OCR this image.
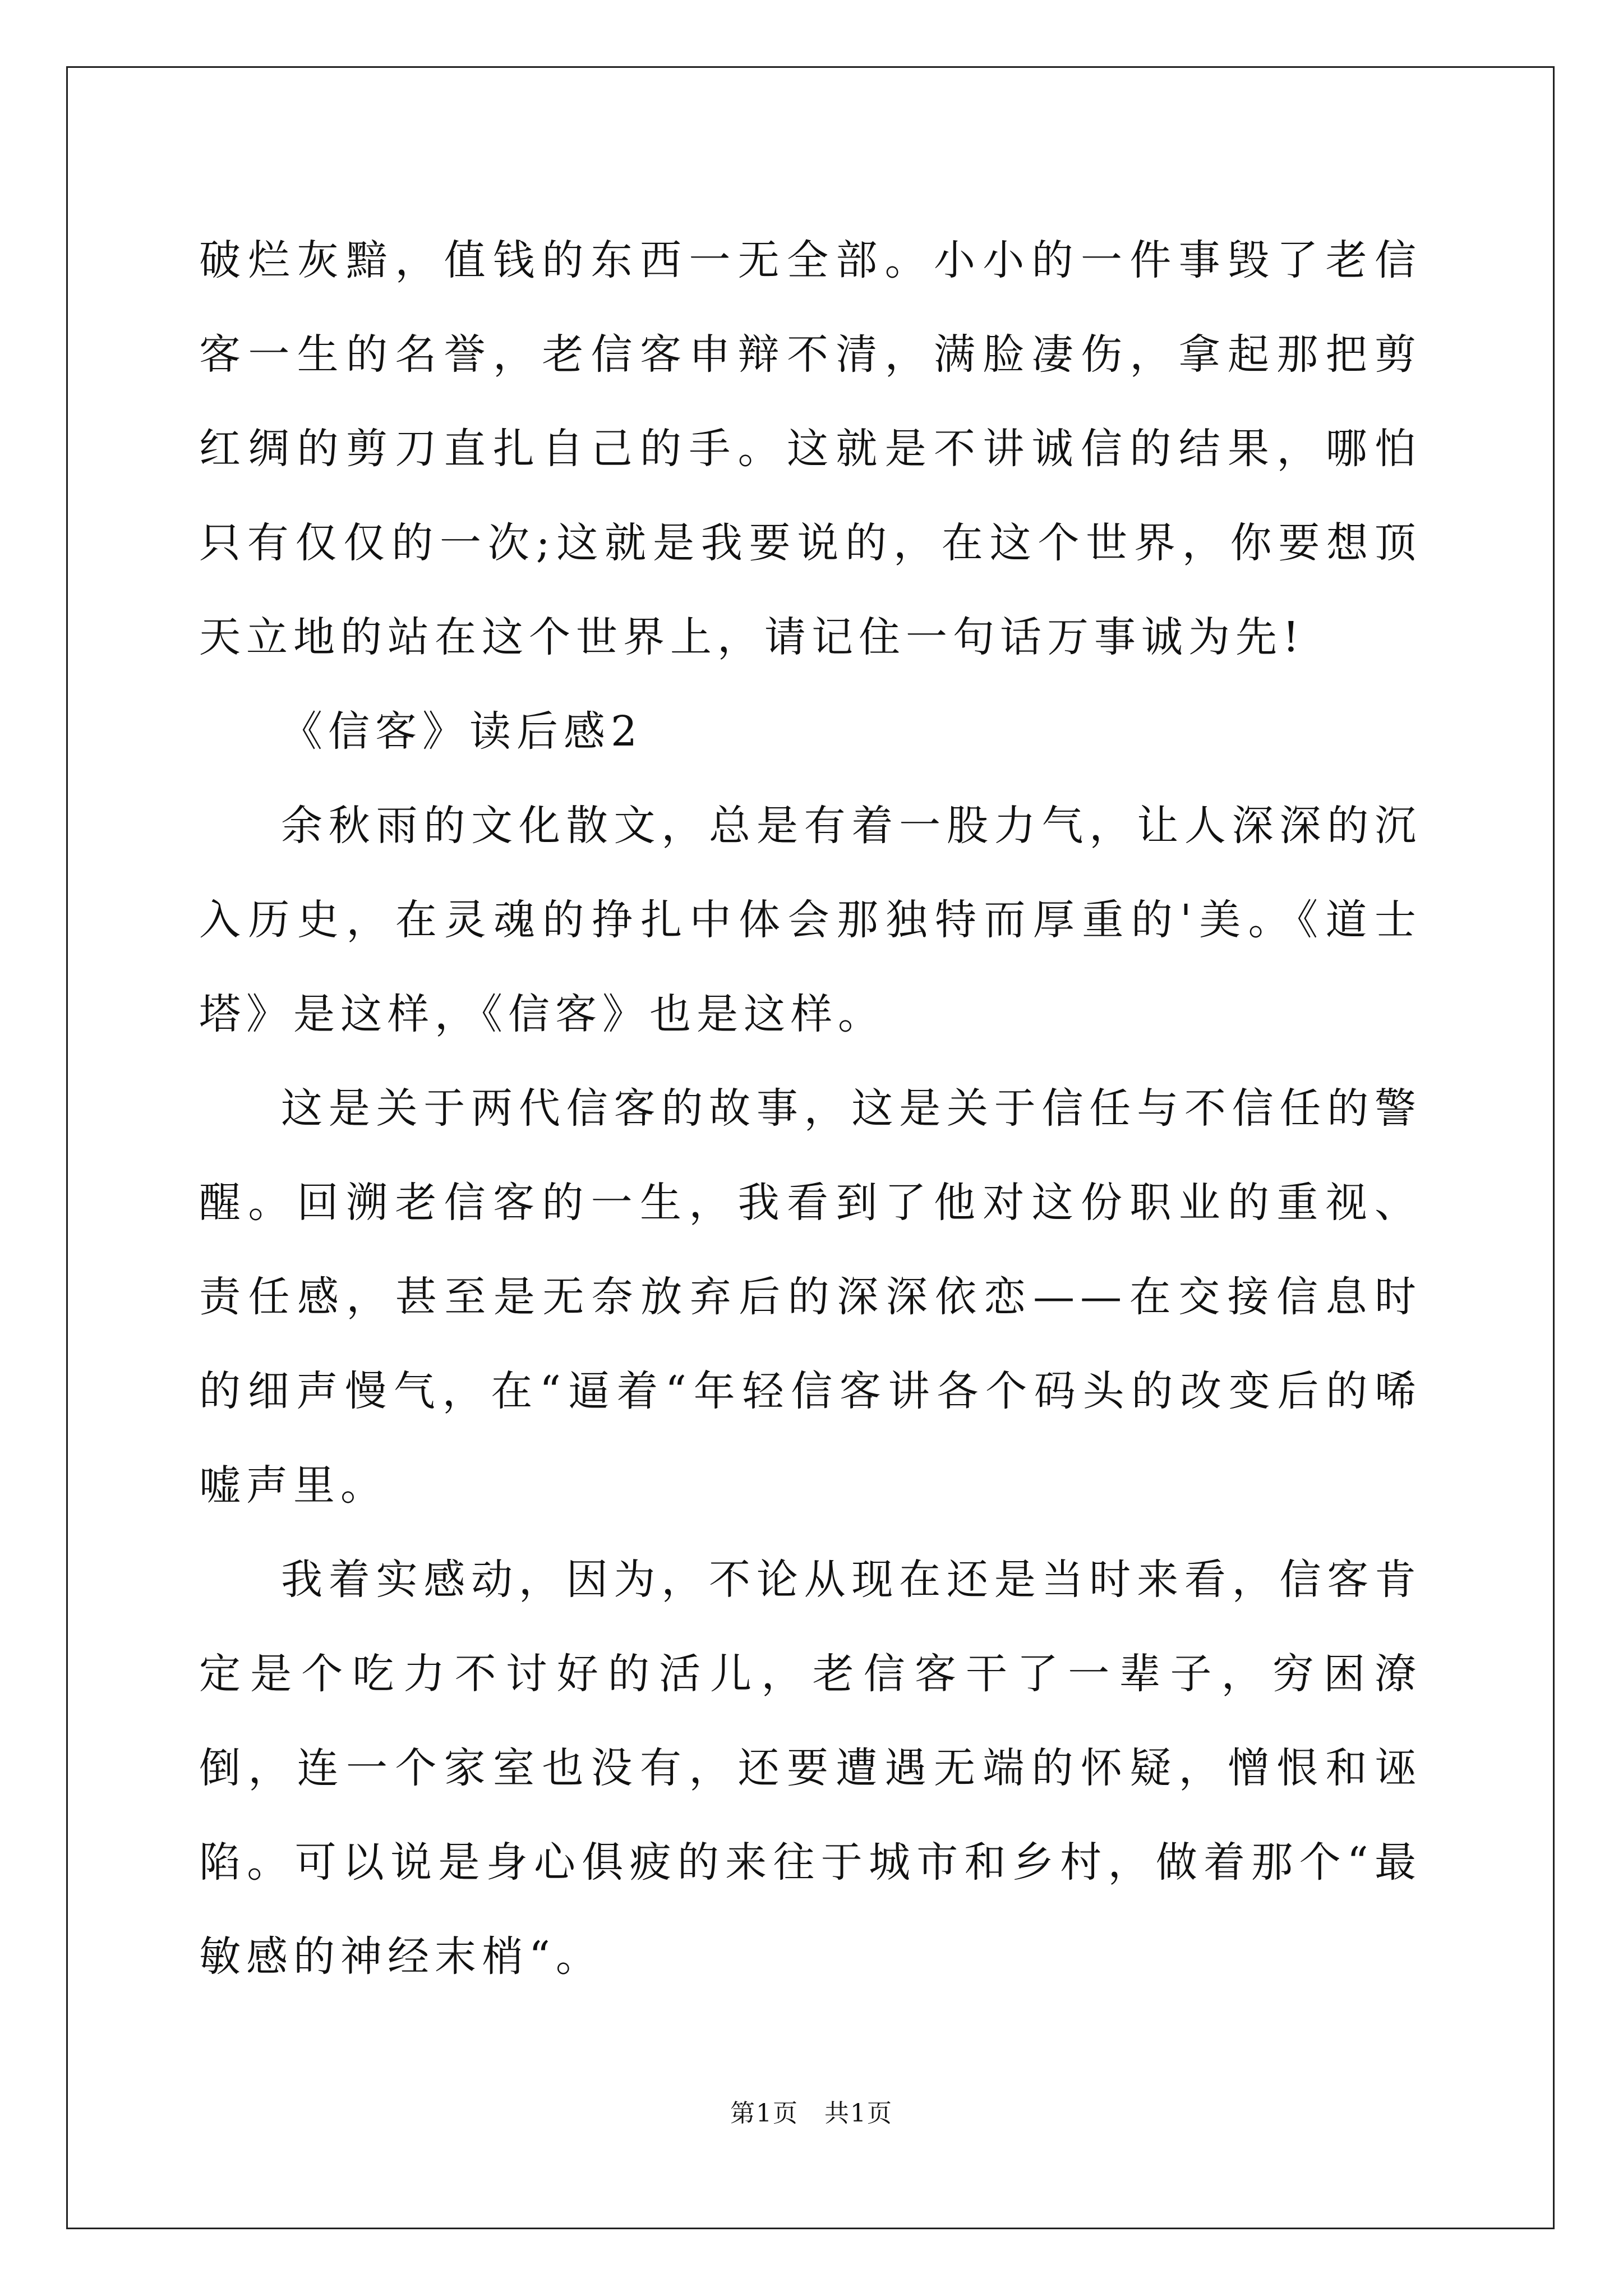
破烂灰黯，值钱的东西一无全部。小小的一件事毁了老信客一生的名誉，老信客申辩不清，满脸凄伤，拿起那把剪红绸的剪刀直扎自己的手。这就是不讲诚信的结果，哪怕只有仅仅的一次;这就是我要说的，在这个世界，你要想顶天立地的站在这个世界上，请记住一句话万事诚为先!

《信客》读后感2

余秋雨的文化散文，总是有着一股力气，让人深深的沉入历史，在灵魂的挣扎中体会那独特而厚重的'美。《道士塔》是这样，《信客》也是这样。

这是关于两代信客的故事，这是关于信任与不信任的警醒。回溯老信客的一生，我看到了他对这份职业的重视、责任感，甚至是无奈放弃后的深深依恋——在交接信息时的细声慢气，在“逼着“年轻信客讲各个码头的改变后的唏嘘声里。

我着实感动，因为，不论从现在还是当时来看，信客肯定是个吃力不讨好的活儿，老信客干了一辈子，穷困潦倒，连一个家室也没有，还要遭遇无端的怀疑，憎恨和诬陷。可以说是身心俱疲的来往于城市和乡村，做着那个“最敏感的神经末梢“。

第1页　共1页
